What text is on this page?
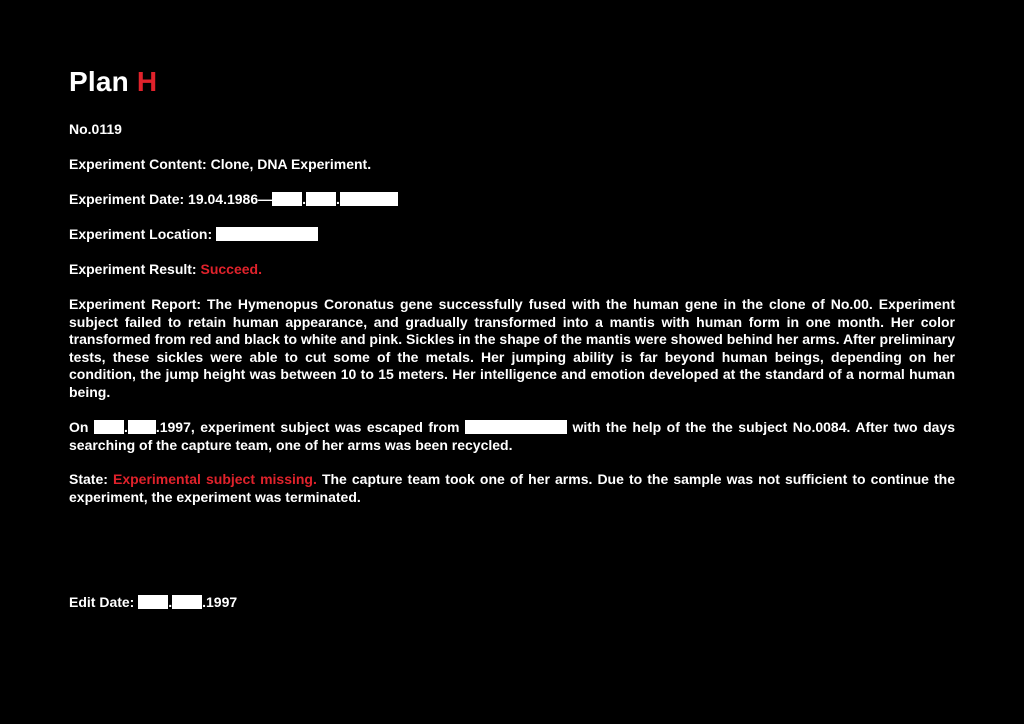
Plan H
No.0119
Experiment Content: Clone, DNA Experiment.
Experiment Date: 19.04.1986— . .
Experiment Location:
Experiment Result: Succeed.
Experiment Report: The Hymenopus Coronatus gene successfully fused with the human gene in the clone of No.00. Experiment subject failed to retain human appearance, and gradually transformed into a mantis with human form in one month. Her color transformed from red and black to white and pink. Sickles in the shape of the mantis were showed behind her arms. After preliminary tests, these sickles were able to cut some of the metals. Her jumping ability is far beyond human beings, depending on her condition, the jump height was between 10 to 15 meters. Her intelligence and emotion developed at the standard of a normal human being.
On	. .1997, experiment subject was escaped from	with the help of the the subject No.0084. After two days searching of the capture team, one of her arms was been recycled.
State: Experimental subject missing. The capture team took one of her arms. Due to the sample was not sufficient to continue the experiment, the experiment was terminated.
Edit Date: . .1997
